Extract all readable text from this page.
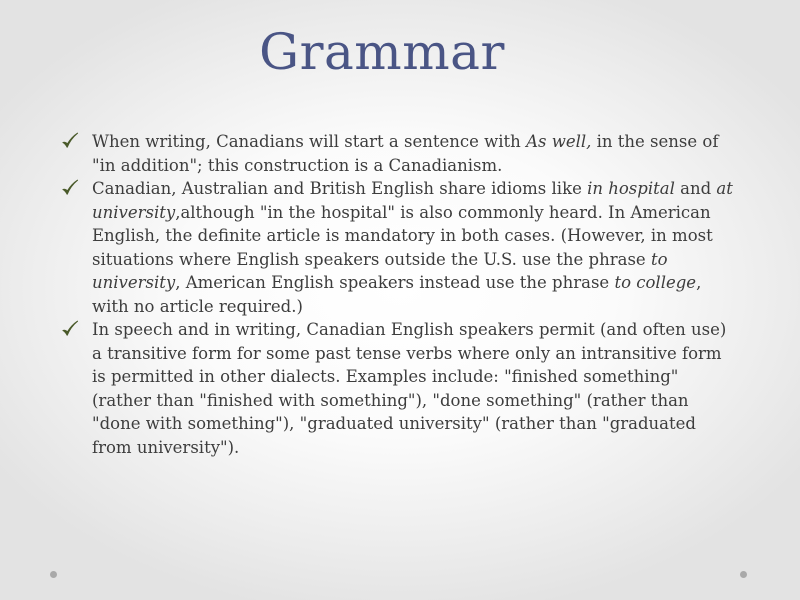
Grammar
When writing, Canadians will start a sentence with As well, in the sense of "in addition"; this construction is a Canadianism.
Canadian, Australian and British English share idioms like in hospital and at university,although "in the hospital" is also commonly heard. In American English, the definite article is mandatory in both cases. (However, in most situations where English speakers outside the U.S. use the phrase to university, American English speakers instead use the phrase to college, with no article required.)
In speech and in writing, Canadian English speakers permit (and often use) a transitive form for some past tense verbs where only an intransitive form is permitted in other dialects. Examples include: "finished something" (rather than "finished with something"), "done something" (rather than "done with something"), "graduated university" (rather than "graduated from university").
